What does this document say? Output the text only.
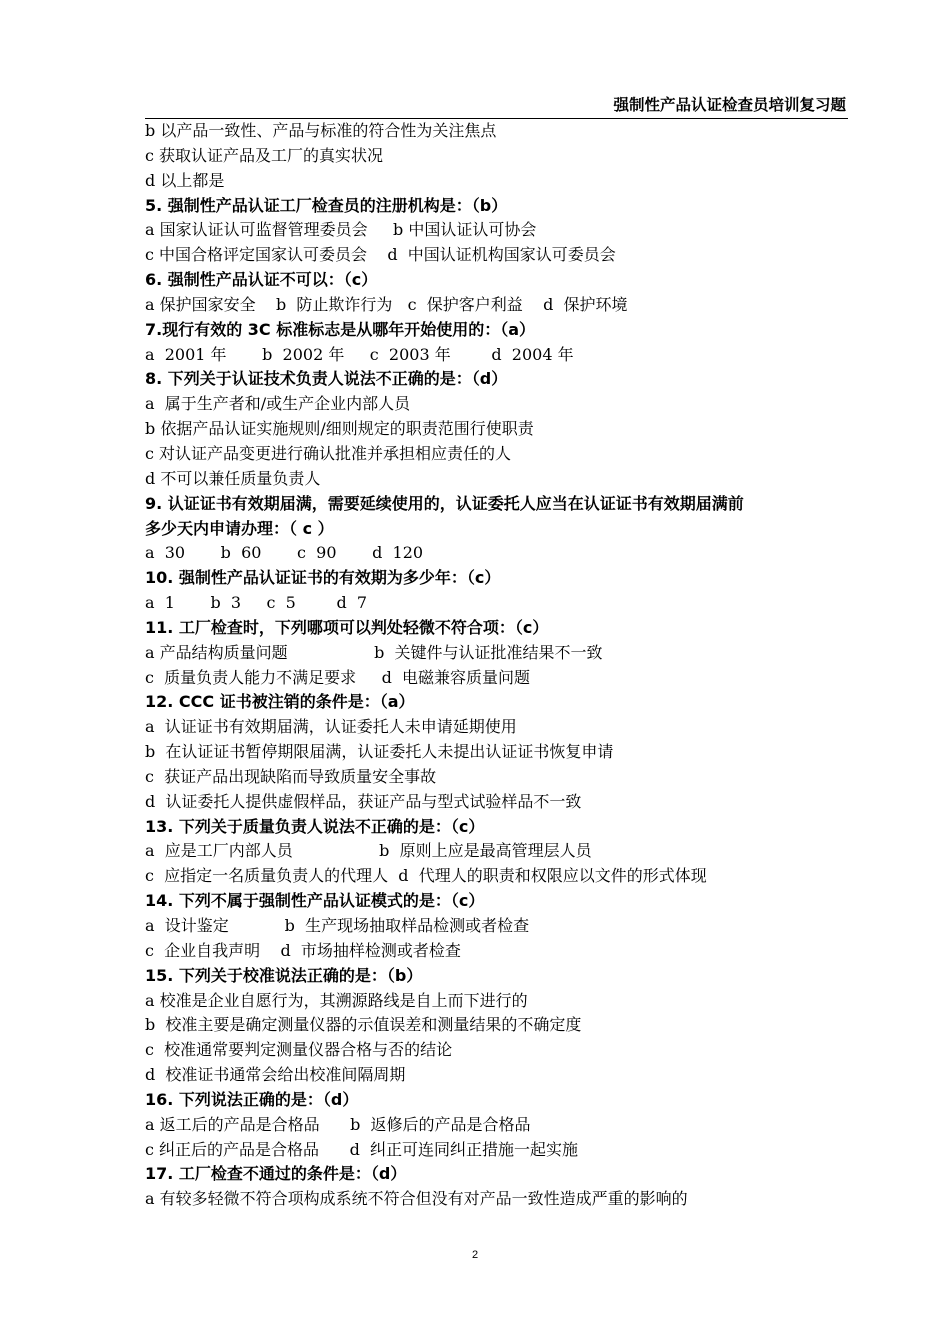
强制性产品认证检查员培训复习题
b 以产品一致性、产品与标准的符合性为关注焦点
c 获取认证产品及工厂的真实状况
d 以上都是
5. 强制性产品认证工厂检查员的注册机构是：（b）
a 国家认证认可监督管理委员会     b 中国认证认可协会
c 中国合格评定国家认可委员会    d  中国认证机构国家认可委员会
6. 强制性产品认证不可以：（c）
a 保护国家安全    b  防止欺诈行为   c  保护客户利益    d  保护环境
7.现行有效的 3C 标准标志是从哪年开始使用的：（a）
a  2001 年       b  2002 年     c  2003 年        d  2004 年
8. 下列关于认证技术负责人说法不正确的是：（d）
a  属于生产者和/或生产企业内部人员
b 依据产品认证实施规则/细则规定的职责范围行使职责
c 对认证产品变更进行确认批准并承担相应责任的人
d 不可以兼任质量负责人
9. 认证证书有效期届满，需要延续使用的，认证委托人应当在认证证书有效期届满前
多少天内申请办理：（ c ）
a  30       b  60       c  90       d  120
10. 强制性产品认证证书的有效期为多少年：（c）
a  1       b  3     c  5        d  7
11. 工厂检查时，下列哪项可以判处轻微不符合项：（c）
a 产品结构质量问题                 b  关键件与认证批准结果不一致
c  质量负责人能力不满足要求     d  电磁兼容质量问题
12. CCC 证书被注销的条件是：（a）
a  认证证书有效期届满，认证委托人未申请延期使用
b  在认证证书暂停期限届满，认证委托人未提出认证证书恢复申请
c  获证产品出现缺陷而导致质量安全事故
d  认证委托人提供虚假样品，获证产品与型式试验样品不一致
13. 下列关于质量负责人说法不正确的是：（c）
a  应是工厂内部人员                 b  原则上应是最高管理层人员
c  应指定一名质量负责人的代理人  d  代理人的职责和权限应以文件的形式体现
14. 下列不属于强制性产品认证模式的是：（c）
a  设计鉴定           b  生产现场抽取样品检测或者检查
c  企业自我声明    d  市场抽样检测或者检查
15. 下列关于校准说法正确的是：（b）
a 校准是企业自愿行为，其溯源路线是自上而下进行的
b  校准主要是确定测量仪器的示值误差和测量结果的不确定度
c  校准通常要判定测量仪器合格与否的结论
d  校准证书通常会给出校准间隔周期
16. 下列说法正确的是：（d）
a 返工后的产品是合格品      b  返修后的产品是合格品
c 纠正后的产品是合格品      d  纠正可连同纠正措施一起实施
17. 工厂检查不通过的条件是：（d）
a 有较多轻微不符合项构成系统不符合但没有对产品一致性造成严重的影响的
2
